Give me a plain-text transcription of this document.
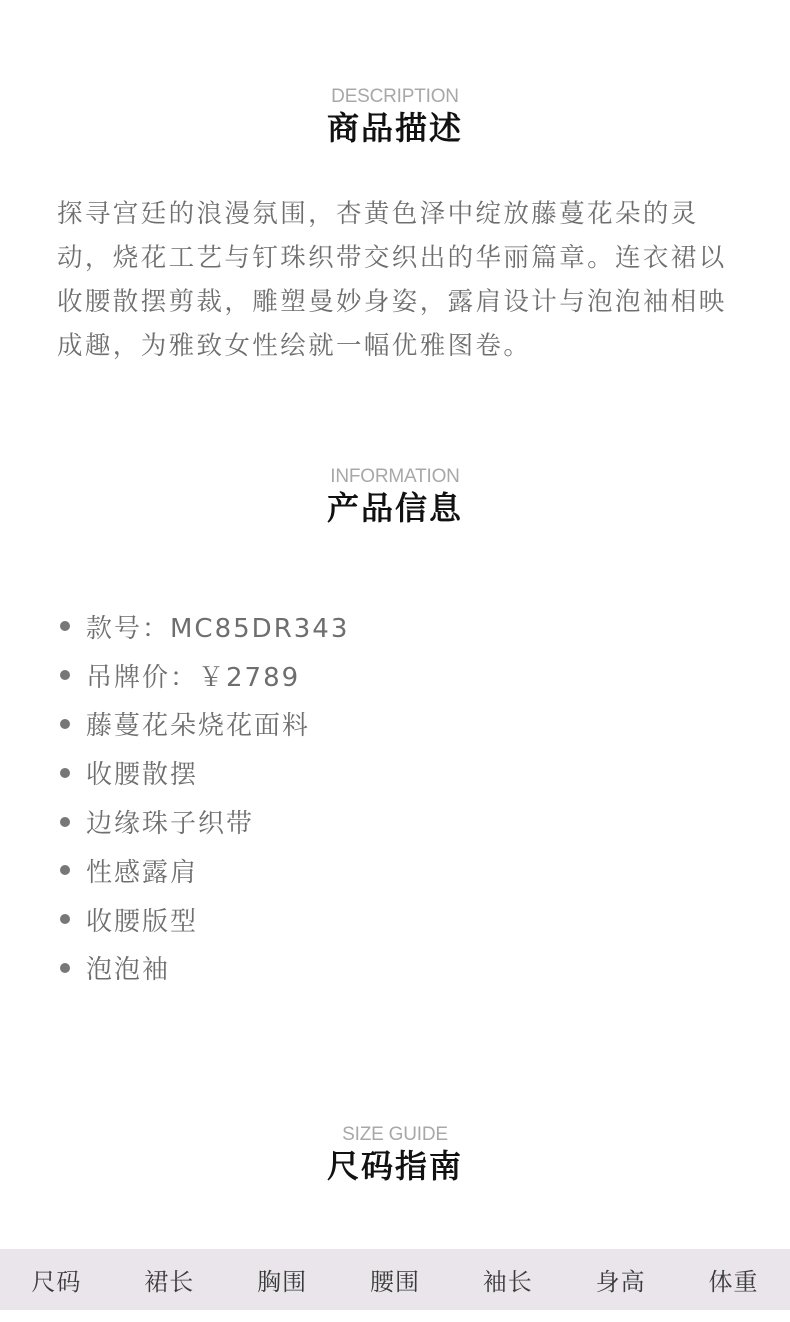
DESCRIPTION
商品描述

探寻宫廷的浪漫氛围，杏黄色泽中绽放藤蔓花朵的灵动，烧花工艺与钉珠织带交织出的华丽篇章。连衣裙以收腰散摆剪裁，雕塑曼妙身姿，露肩设计与泡泡袖相映成趣，为雅致女性绘就一幅优雅图卷。

INFORMATION
产品信息
款号：MC85DR343
吊牌价：￥2789
藤蔓花朵烧花面料
收腰散摆
边缘珠子织带
性感露肩
收腰版型
泡泡袖
SIZE GUIDE
尺码指南
尺码	裙长	胸围	腰围	袖长	身高	体重
